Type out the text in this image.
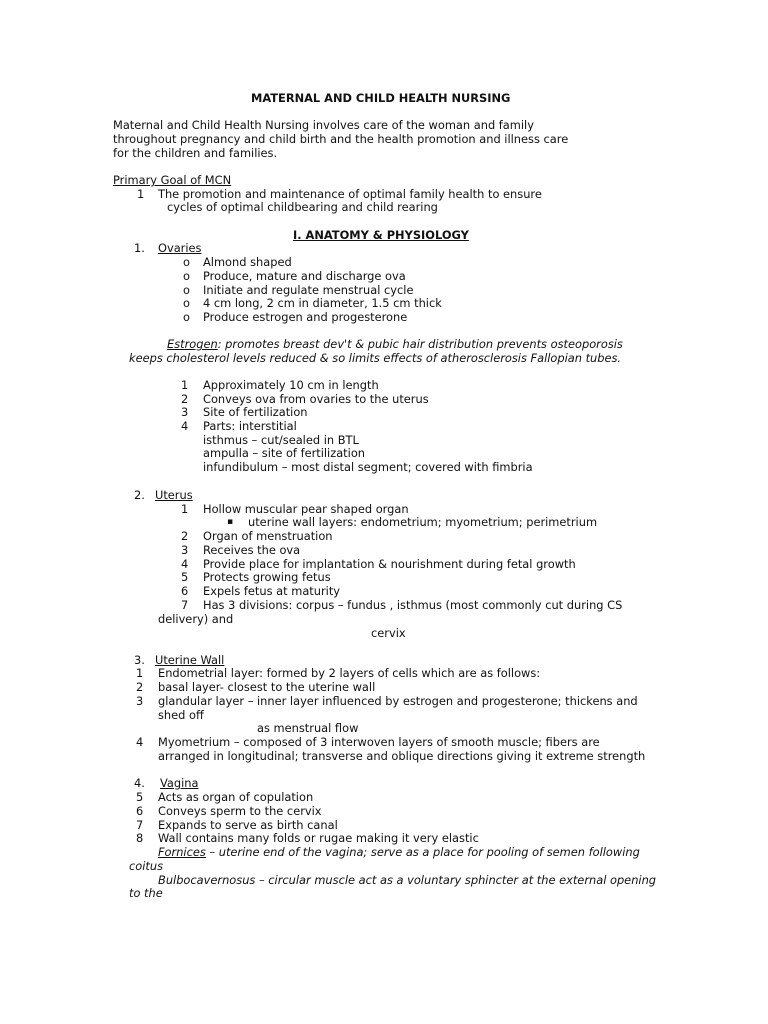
MATERNAL AND CHILD HEALTH NURSING
Maternal and Child Health Nursing involves care of the woman and family
throughout pregnancy and child birth and the health promotion and illness care
for the children and families.
Primary Goal of MCN
1 The promotion and maintenance of optimal family health to ensure
cycles of optimal childbearing and child rearing
I. ANATOMY & PHYSIOLOGY
1. Ovaries
o Almond shaped
o Produce, mature and discharge ova
o Initiate and regulate menstrual cycle
o 4 cm long, 2 cm in diameter, 1.5 cm thick
o Produce estrogen and progesterone
Estrogen: promotes breast dev't & pubic hair distribution prevents osteoporosis
keeps cholesterol levels reduced & so limits effects of atherosclerosis Fallopian tubes.
1 Approximately 10 cm in length
2 Conveys ova from ovaries to the uterus
3 Site of fertilization
4 Parts: interstitial
isthmus – cut/sealed in BTL
ampulla – site of fertilization
infundibulum – most distal segment; covered with fimbria
2. Uterus
1 Hollow muscular pear shaped organ
▪ uterine wall layers: endometrium; myometrium; perimetrium
2 Organ of menstruation
3 Receives the ova
4 Provide place for implantation & nourishment during fetal growth
5 Protects growing fetus
6 Expels fetus at maturity
7 Has 3 divisions: corpus – fundus , isthmus (most commonly cut during CS
delivery) and
cervix
3. Uterine Wall
1 Endometrial layer: formed by 2 layers of cells which are as follows:
2 basal layer- closest to the uterine wall
3 glandular layer – inner layer influenced by estrogen and progesterone; thickens and
shed off
as menstrual flow
4 Myometrium – composed of 3 interwoven layers of smooth muscle; fibers are
arranged in longitudinal; transverse and oblique directions giving it extreme strength
4. Vagina
5 Acts as organ of copulation
6 Conveys sperm to the cervix
7 Expands to serve as birth canal
8 Wall contains many folds or rugae making it very elastic
Fornices – uterine end of the vagina; serve as a place for pooling of semen following
coitus
Bulbocavernosus – circular muscle act as a voluntary sphincter at the external opening
to the
